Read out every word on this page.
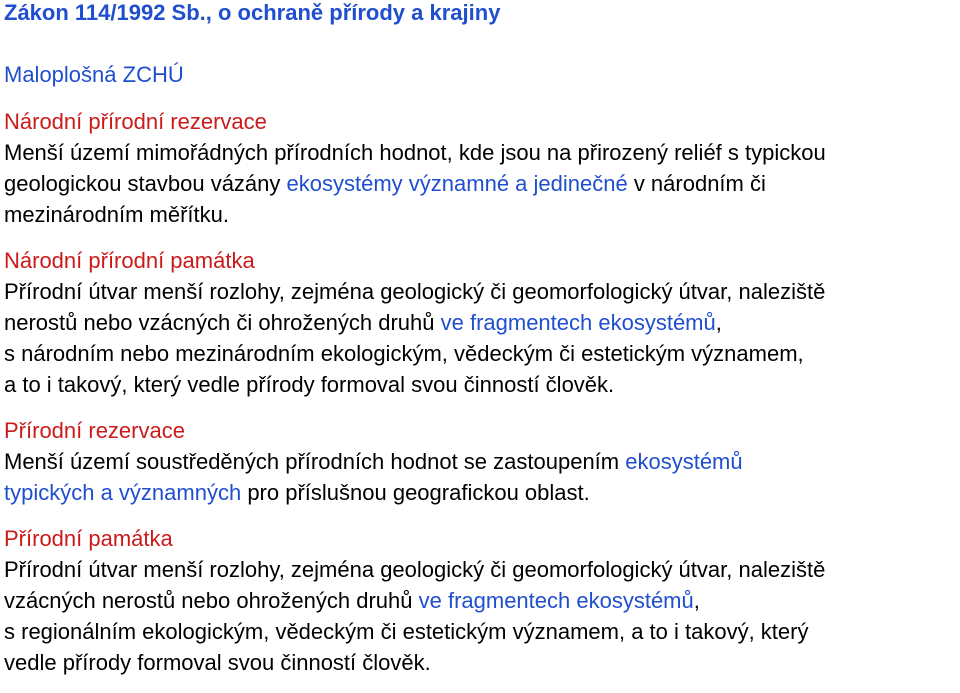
Zákon 114/1992 Sb., o ochraně přírody a krajiny
Maloplošná ZCHÚ
Národní přírodní rezervace
Menší území mimořádných přírodních hodnot, kde jsou na přirozený reliéf s typickou
geologickou stavbou vázány ekosystémy významné a jedinečné v národním či
mezinárodním měřítku.
Národní přírodní památka
Přírodní útvar menší rozlohy, zejména geologický či geomorfologický útvar, naleziště
nerostů nebo vzácných či ohrožených druhů ve fragmentech ekosystémů,
s národním nebo mezinárodním ekologickým, vědeckým či estetickým významem,
a to i takový, který vedle přírody formoval svou činností člověk.
Přírodní rezervace
Menší území soustředěných přírodních hodnot se zastoupením ekosystémů
typických a významných pro příslušnou geografickou oblast.
Přírodní památka
Přírodní útvar menší rozlohy, zejména geologický či geomorfologický útvar, naleziště
vzácných nerostů nebo ohrožených druhů ve fragmentech ekosystémů,
s regionálním ekologickým, vědeckým či estetickým významem, a to i takový, který
vedle přírody formoval svou činností člověk.
